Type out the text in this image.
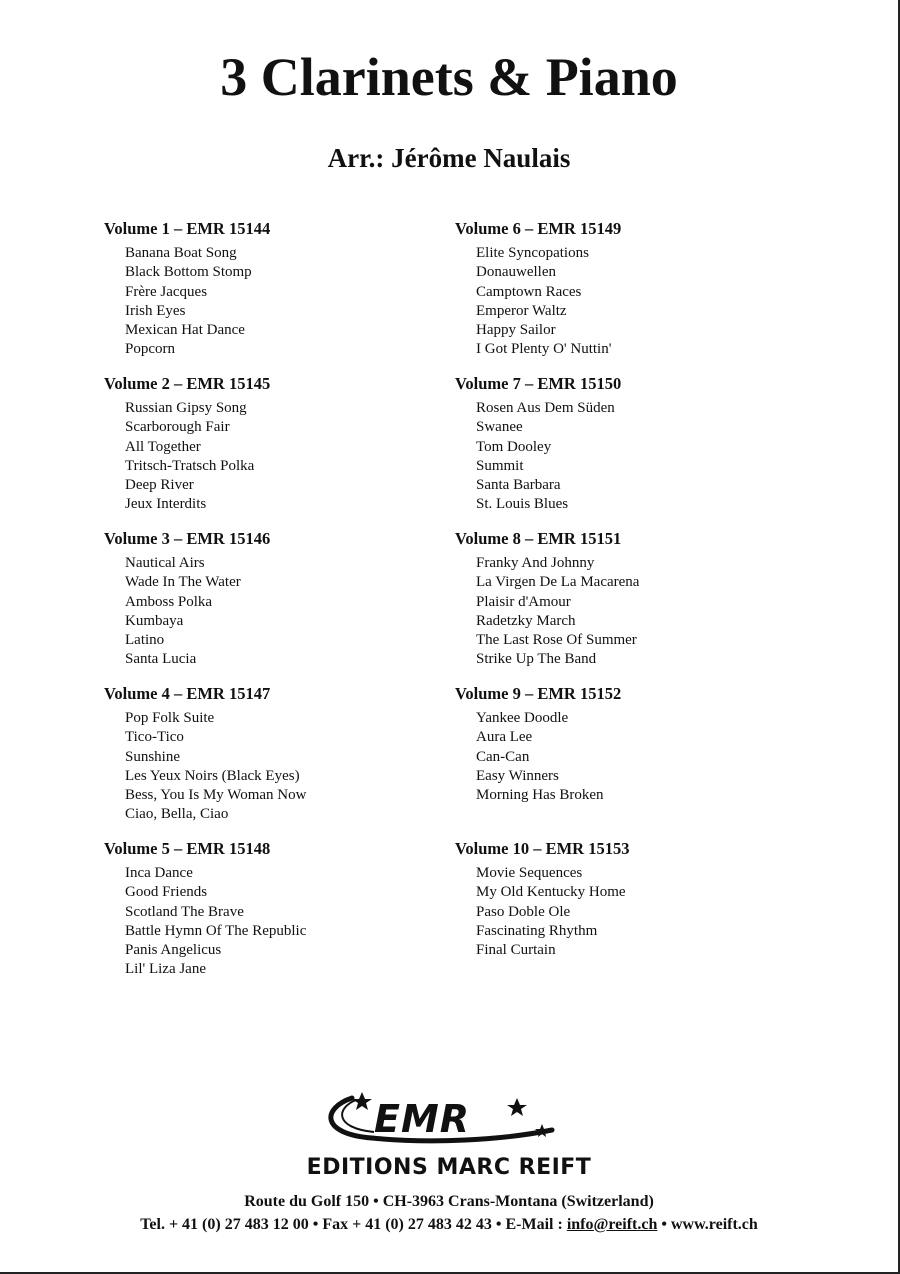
3 Clarinets & Piano
Arr.: Jérôme Naulais
Volume 1 – EMR 15144
Banana Boat Song
Black Bottom Stomp
Frère Jacques
Irish Eyes
Mexican Hat Dance
Popcorn
Volume 2 – EMR 15145
Russian Gipsy Song
Scarborough Fair
All Together
Tritsch-Tratsch Polka
Deep River
Jeux Interdits
Volume 3 – EMR 15146
Nautical Airs
Wade In The Water
Amboss Polka
Kumbaya
Latino
Santa Lucia
Volume 4 – EMR 15147
Pop Folk Suite
Tico-Tico
Sunshine
Les Yeux Noirs (Black Eyes)
Bess, You Is My Woman Now
Ciao, Bella, Ciao
Volume 5 – EMR 15148
Inca Dance
Good Friends
Scotland The Brave
Battle Hymn Of The Republic
Panis Angelicus
Lil' Liza Jane
Volume 6 – EMR 15149
Elite Syncopations
Donauwellen
Camptown Races
Emperor Waltz
Happy Sailor
I Got Plenty O' Nuttin'
Volume 7 – EMR 15150
Rosen Aus Dem Süden
Swanee
Tom Dooley
Summit
Santa Barbara
St. Louis Blues
Volume 8 – EMR 15151
Franky And Johnny
La Virgen De La Macarena
Plaisir d'Amour
Radetzky March
The Last Rose Of Summer
Strike Up The Band
Volume 9 – EMR 15152
Yankee Doodle
Aura Lee
Can-Can
Easy Winners
Morning Has Broken
Volume 10 – EMR 15153
Movie Sequences
My Old Kentucky Home
Paso Doble Ole
Fascinating Rhythm
Final Curtain
EMR
EDITIONS MARC REIFT
Route du Golf 150 • CH-3963 Crans-Montana (Switzerland)
Tel. + 41 (0) 27 483 12 00 • Fax + 41 (0) 27 483 42 43 • E-Mail : info@reift.ch • www.reift.ch
